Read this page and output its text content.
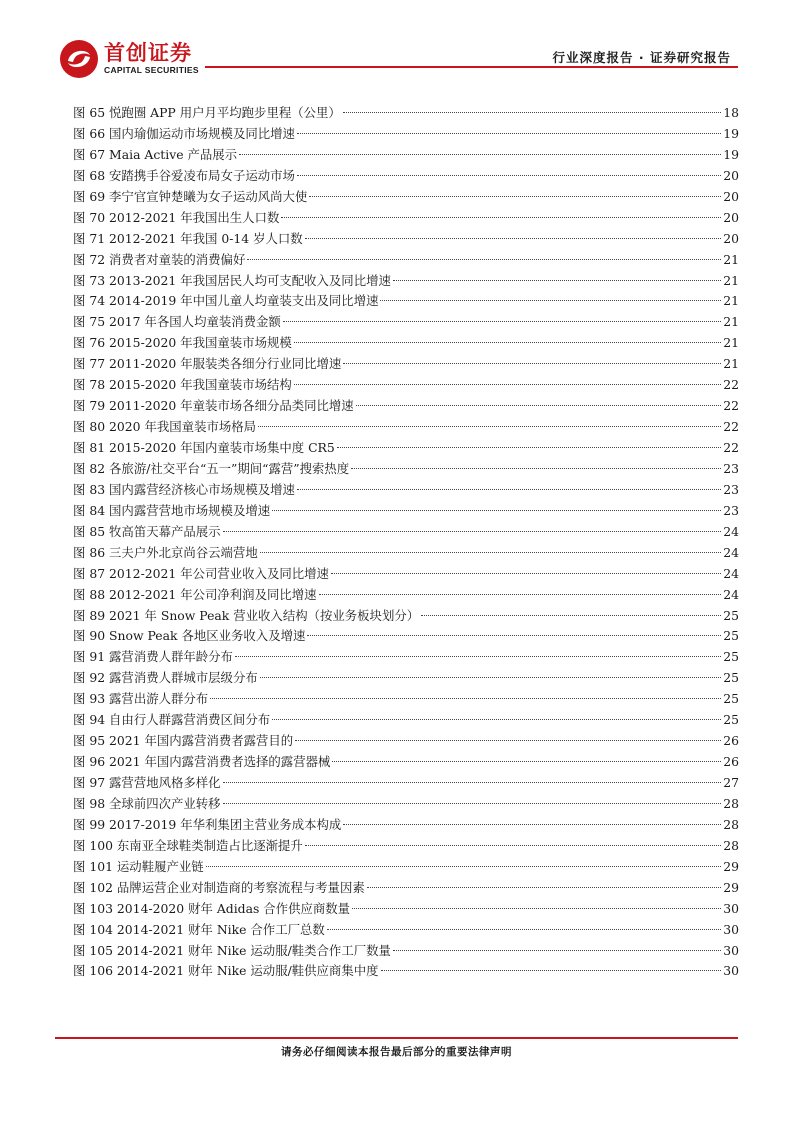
首创证券
CAPITAL SECURITIES
行业深度报告 · 证券研究报告
图 65 悦跑圈 APP 用户月平均跑步里程（公里）	18
图 66 国内瑜伽运动市场规模及同比增速	19
图 67 Maia Active 产品展示	19
图 68 安踏携手谷爱凌布局女子运动市场	20
图 69 李宁官宣钟楚曦为女子运动风尚大使	20
图 70 2012-2021 年我国出生人口数	20
图 71 2012-2021 年我国 0-14 岁人口数	20
图 72 消费者对童装的消费偏好	21
图 73 2013-2021 年我国居民人均可支配收入及同比增速	21
图 74 2014-2019 年中国儿童人均童装支出及同比增速	21
图 75 2017 年各国人均童装消费金额	21
图 76 2015-2020 年我国童装市场规模	21
图 77 2011-2020 年服装类各细分行业同比增速	21
图 78 2015-2020 年我国童装市场结构	22
图 79 2011-2020 年童装市场各细分品类同比增速	22
图 80 2020 年我国童装市场格局	22
图 81 2015-2020 年国内童装市场集中度 CR5	22
图 82 各旅游/社交平台“五一”期间“露营”搜索热度	23
图 83 国内露营经济核心市场规模及增速	23
图 84 国内露营营地市场规模及增速	23
图 85 牧高笛天幕产品展示	24
图 86 三夫户外北京尚谷云端营地	24
图 87 2012-2021 年公司营业收入及同比增速	24
图 88 2012-2021 年公司净利润及同比增速	24
图 89 2021 年 Snow Peak 营业收入结构（按业务板块划分）	25
图 90 Snow Peak 各地区业务收入及增速	25
图 91 露营消费人群年龄分布	25
图 92 露营消费人群城市层级分布	25
图 93 露营出游人群分布	25
图 94 自由行人群露营消费区间分布	25
图 95 2021 年国内露营消费者露营目的	26
图 96 2021 年国内露营消费者选择的露营器械	26
图 97 露营营地风格多样化	27
图 98 全球前四次产业转移	28
图 99 2017-2019 年华利集团主营业务成本构成	28
图 100 东南亚全球鞋类制造占比逐渐提升	28
图 101 运动鞋履产业链	29
图 102 品牌运营企业对制造商的考察流程与考量因素	29
图 103 2014-2020 财年 Adidas 合作供应商数量	30
图 104 2014-2021 财年 Nike 合作工厂总数	30
图 105 2014-2021 财年 Nike 运动服/鞋类合作工厂数量	30
图 106 2014-2021 财年 Nike 运动服/鞋供应商集中度	30
请务必仔细阅读本报告最后部分的重要法律声明
